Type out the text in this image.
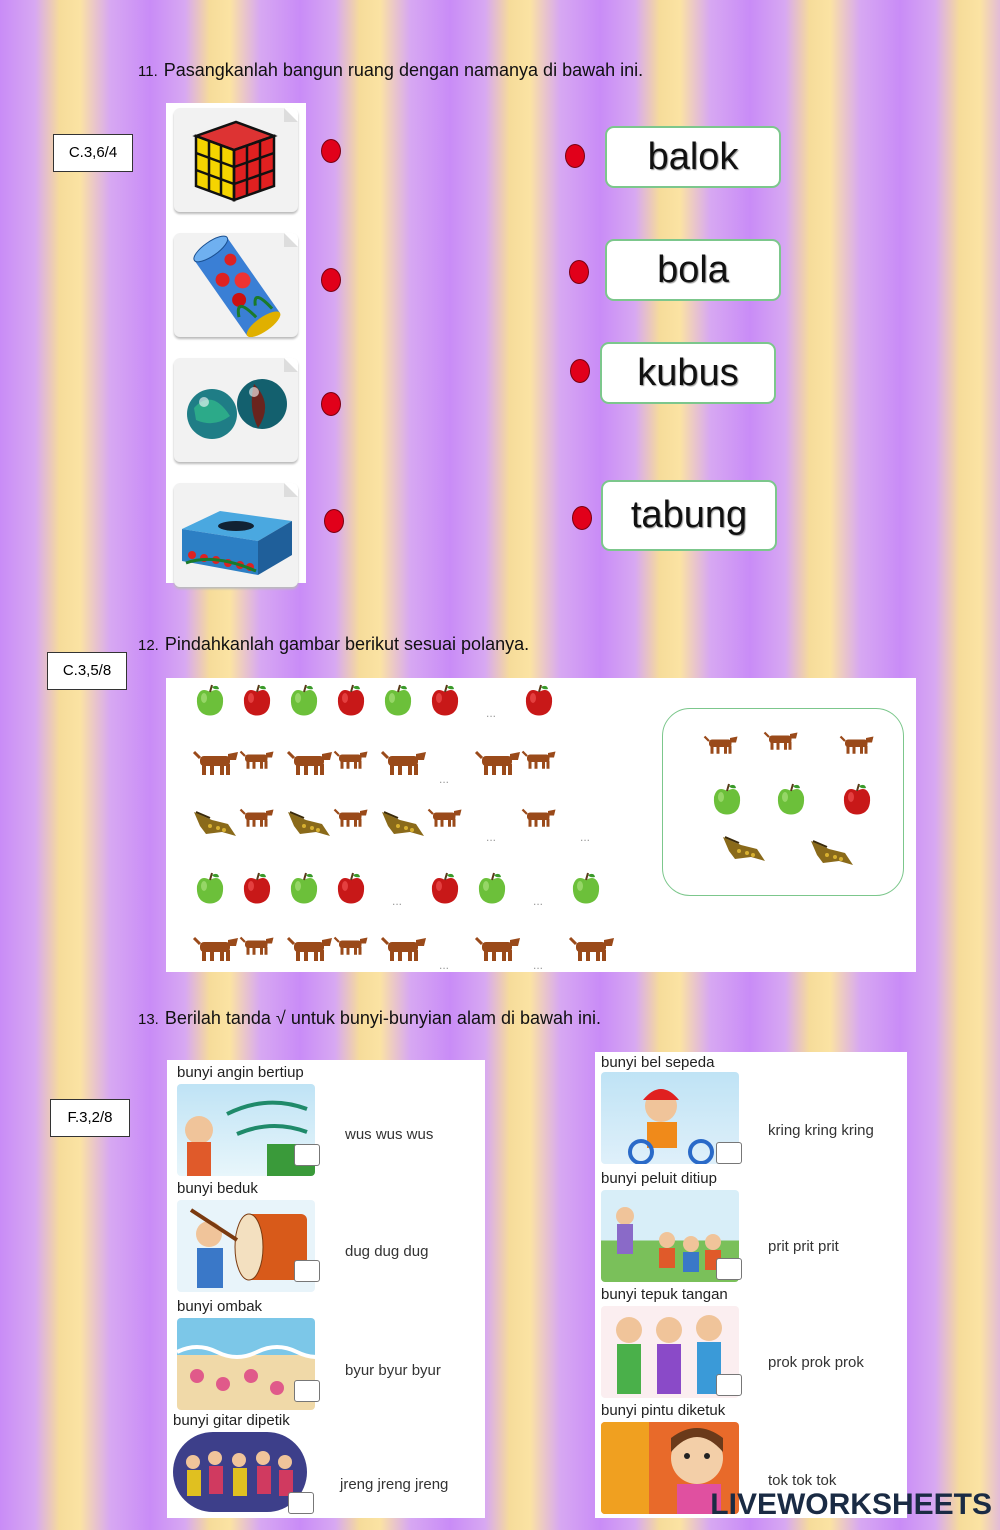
11. Pasangkanlah bangun ruang dengan namanya di bawah ini.
C.3,6/4	balok
bola
kubus
tabung
12. Pindahkanlah gambar berikut sesuai polanya.
C.3,5/8
...
...
...	...
...	...
...	...
13. Berilah tanda √ untuk bunyi-bunyian alam di bawah ini.
F.3,2/8
bunyi angin bertiup
wus wus wus
bunyi beduk
dug dug dug
bunyi ombak
byur byur byur
bunyi gitar dipetik
jreng jreng jreng
bunyi bel sepeda
kring kring kring
bunyi peluit ditiup
prit prit prit
bunyi tepuk tangan
prok prok prok
bunyi pintu diketuk
tok tok tok
LIVEWORKSHEETS
